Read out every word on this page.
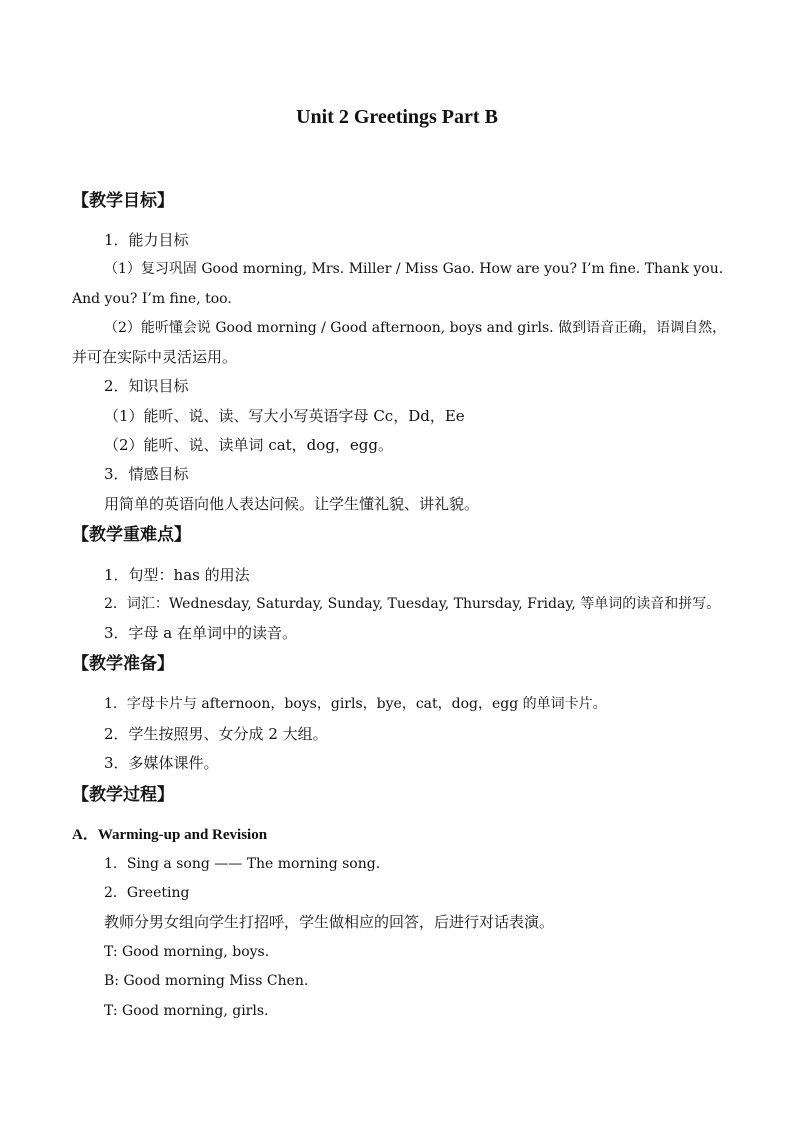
Unit 2 Greetings Part B
【教学目标】
1．能力目标
（1）复习巩固 Good morning, Mrs. Miller / Miss Gao. How are you? I’m fine. Thank you.
And you? I’m fine, too.
（2）能听懂会说 Good morning / Good afternoon, boys and girls. 做到语音正确，语调自然，
并可在实际中灵活运用。
2．知识目标
（1）能听、说、读、写大小写英语字母 Cc，Dd，Ee
（2）能听、说、读单词 cat，dog，egg。
3．情感目标
用简单的英语向他人表达问候。让学生懂礼貌、讲礼貌。
【教学重难点】
1．句型：has 的用法
2．词汇：Wednesday, Saturday, Sunday, Tuesday, Thursday, Friday, 等单词的读音和拼写。
3．字母 a 在单词中的读音。
【教学准备】
1．字母卡片与 afternoon，boys，girls，bye，cat，dog，egg 的单词卡片。
2．学生按照男、女分成 2 大组。
3．多媒体课件。
【教学过程】
A．Warming-up and Revision
1．Sing a song —— The morning song.
2．Greeting
教师分男女组向学生打招呼，学生做相应的回答，后进行对话表演。
T: Good morning, boys.
B: Good morning Miss Chen.
T: Good morning, girls.
